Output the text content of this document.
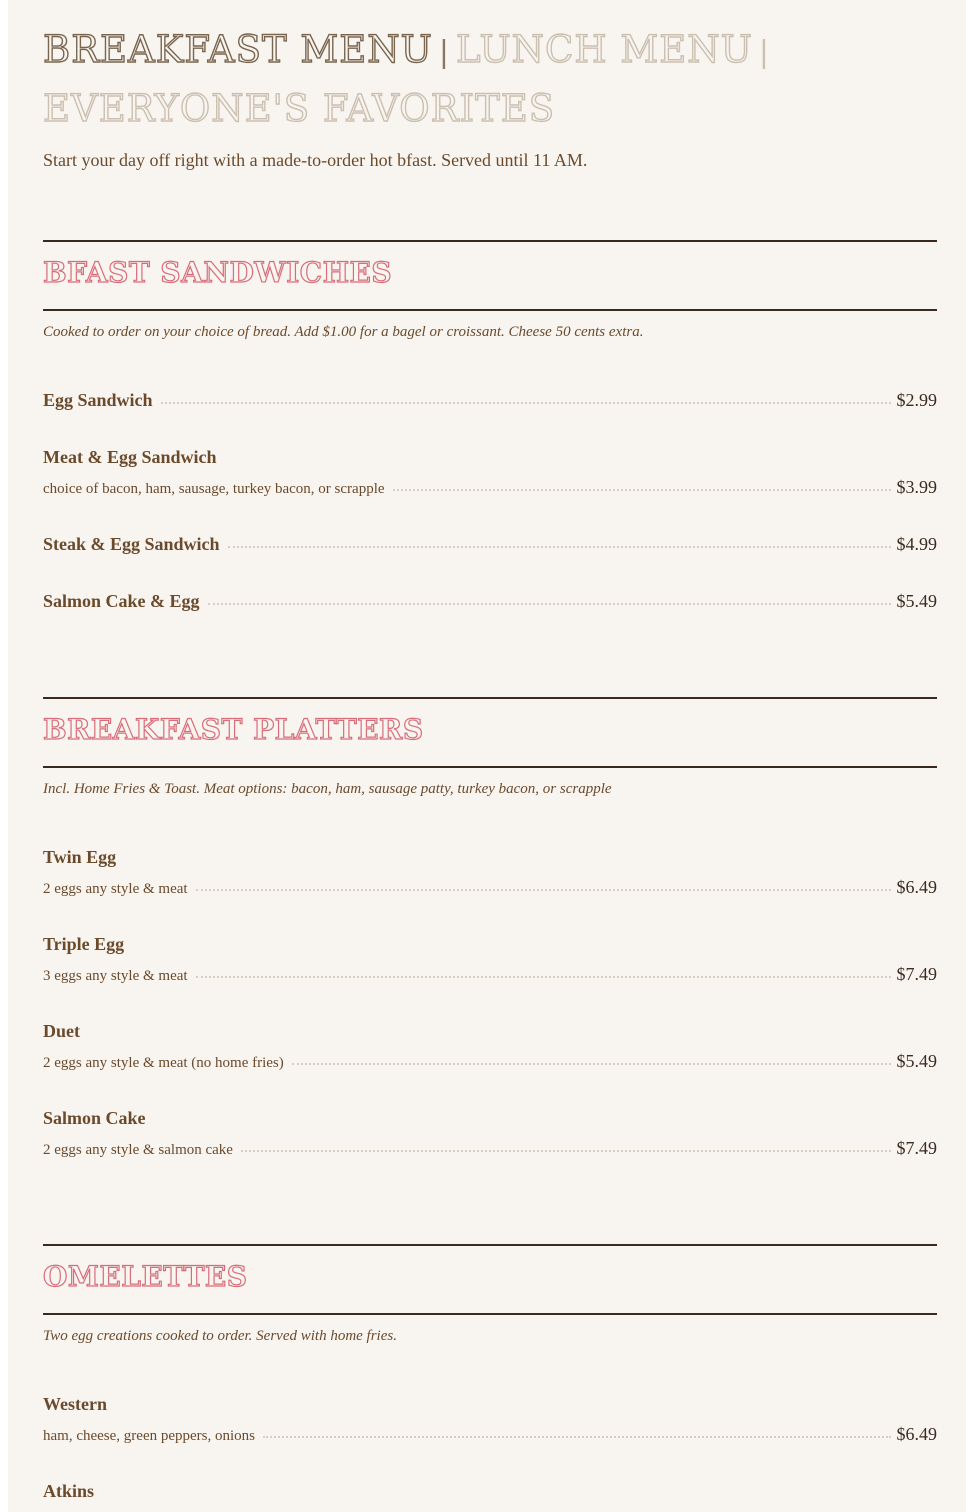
BREAKFAST MENU | LUNCH MENU |
EVERYONE'S FAVORITES
Start your day off right with a made-to-order hot bfast. Served until 11 AM.
BFAST SANDWICHES
Cooked to order on your choice of bread. Add $1.00 for a bagel or croissant. Cheese 50 cents extra.
Egg Sandwich	$2.99
Meat & Egg Sandwich
choice of bacon, ham, sausage, turkey bacon, or scrapple	$3.99
Steak & Egg Sandwich	$4.99
Salmon Cake & Egg	$5.49
BREAKFAST PLATTERS
Incl. Home Fries & Toast. Meat options: bacon, ham, sausage patty, turkey bacon, or scrapple
Twin Egg
2 eggs any style & meat	$6.49
Triple Egg
3 eggs any style & meat	$7.49
Duet
2 eggs any style & meat (no home fries)	$5.49
Salmon Cake
2 eggs any style & salmon cake	$7.49
OMELETTES
Two egg creations cooked to order. Served with home fries.
Western
ham, cheese, green peppers, onions	$6.49
Atkins
